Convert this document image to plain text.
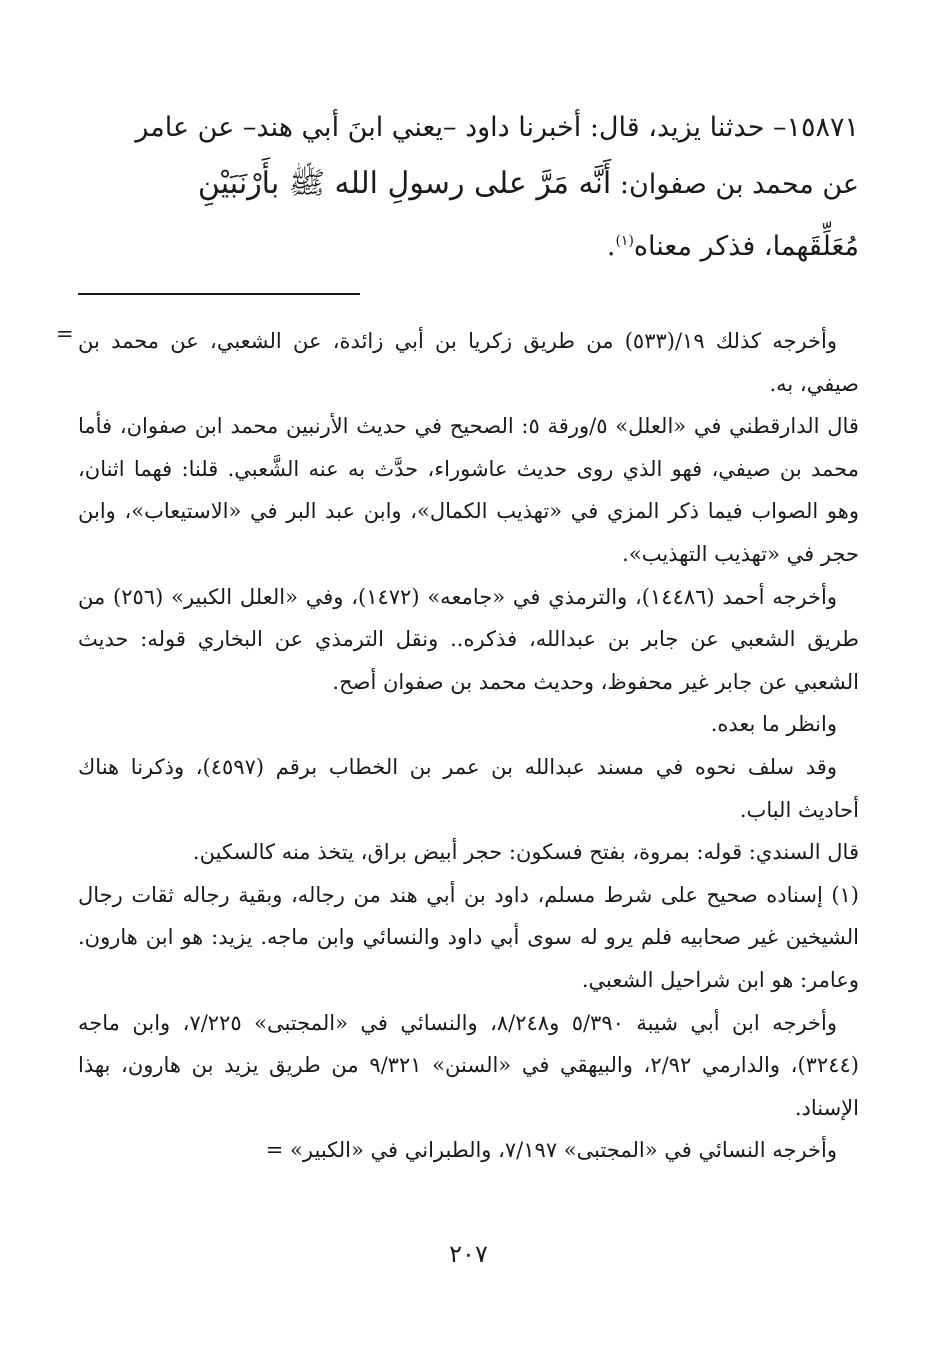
١٥٨٧١– حدثنا يزيد، قال: أخبرنا داود –يعني ابنَ أبي هند– عن عامر

عن محمد بن صفوان: أَنَّه مَرَّ على رسولِ الله ﷺ بأَرْنَبَيْنِ

مُعَلِّقَهما، فذكر معناه$^{(١)}$.

= وأخرجه كذلك ١٩/(٥٣٣) من طريق زكريا بن أبي زائدة، عن الشعبي، عن محمد بن صيفي، به.

قال الدارقطني في «العلل» ٥/ورقة ٥: الصحيح في حديث الأرنبين محمد ابن صفوان، فأما محمد بن صيفي، فهو الذي روى حديث عاشوراء، حدَّث به عنه الشَّعبي. قلنا: فهما اثنان، وهو الصواب فيما ذكر المزي في «تهذيب الكمال»، وابن عبد البر في «الاستيعاب»، وابن حجر في «تهذيب التهذيب».

وأخرجه أحمد (١٤٤٨٦)، والترمذي في «جامعه» (١٤٧٢)، وفي «العلل الكبير» (٢٥٦) من طريق الشعبي عن جابر بن عبدالله، فذكره.. ونقل الترمذي عن البخاري قوله: حديث الشعبي عن جابر غير محفوظ، وحديث محمد بن صفوان أصح.

وانظر ما بعده.

وقد سلف نحوه في مسند عبدالله بن عمر بن الخطاب برقم (٤٥٩٧)، وذكرنا هناك أحاديث الباب.

قال السندي: قوله: بمروة، بفتح فسكون: حجر أبيض براق، يتخذ منه كالسكين.

(١) إسناده صحيح على شرط مسلم، داود بن أبي هند من رجاله، وبقية رجاله ثقات رجال الشيخين غير صحابيه فلم يرو له سوى أبي داود والنسائي وابن ماجه. يزيد: هو ابن هارون. وعامر: هو ابن شراحيل الشعبي.

وأخرجه ابن أبي شيبة ٥/٣٩٠ و٨/٢٤٨، والنسائي في «المجتبى» ٧/٢٢٥، وابن ماجه (٣٢٤٤)، والدارمي ٢/٩٢، والبيهقي في «السنن» ٩/٣٢١ من طريق يزيد بن هارون، بهذا الإسناد.

وأخرجه النسائي في «المجتبى» ٧/١٩٧، والطبراني في «الكبير» =

٢٠٧
